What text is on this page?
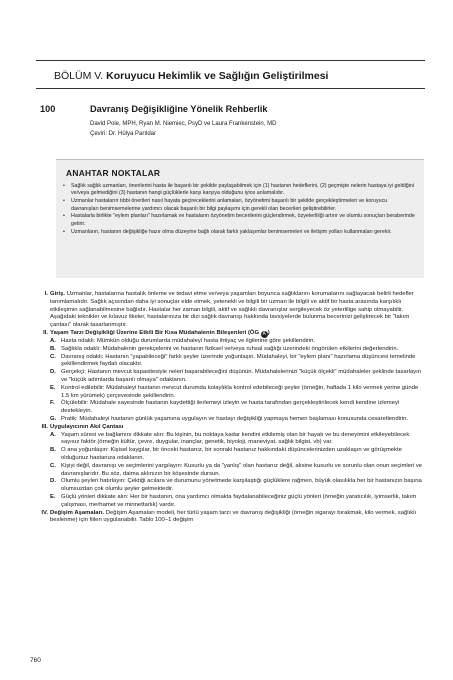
BÖLÜM V. Koruyucu Hekimlik ve Sağlığın Geliştirilmesi
100	Davranış Değişikliğine Yönelik Rehberlik
David Pole, MPH, Ryan M. Niemiec, PsyD ve Laura Frankenstein, MD
Çeviri: Dr. Hülya Parıldar
ANAHTAR NOKTALAR
• Sağlık sağlık uzmanları, önerilerini hasta ile başarılı bir şekilde paylaşabilmek için (1) hastanın hedeflerini, (2) geçmişte nelerin hastaya iyi geldiğini ve/veya gelmediğini (3) hastanın hangi güçlüklerle karşı karşıya olduğunu iyice anlamalıdır.
• Uzmanlar hastaların tıbbi önerileri nasıl hayata geçireceklerini anlamaları, özyönetimi başarılı bir şekilde gerçekleştirmeleri ve koruyucu davranışları benimsemelerine yardımcı olacak başarılı bir bilgi paylaşımı için gerekli olan becerileri geliştirebilirler.
• Hastalarla birlikte "eylem planları" hazırlamak ve hastaların özyönetim becerilerini güçlendirmek, özyeterliliği artırır ve olumlu sonuçları beraberinde getirir.
• Uzmanların, hastanın değişikliğe hazır olma düzeyine bağlı olarak farklı yaklaşımlar benimsemeleri ve iletişim yolları kullanmaları gerekir.
I. Giriş. Uzmanlar, hastalarına hastalık önleme ve tedavi etme ve/veya yaşamları boyunca sağlıklarını korumalarını sağlayacak belirli hedefler tanımlamalıdır. Sağlık açısından daha iyi sonuçlar elde etmek, yetenekli ve bilgili bir uzman ile bilgili ve aktif bir hasta arasında karşılıklı etkileşimin sağlanabilmesine bağlıdır. Hastalar her zaman bilgili, aktif ve sağlıklı davranışlar sergileyecek öz yeterlilige sahip olmayabilir. Aşağıdaki teknikler ve kılavuz ilkeler, hastalarınıza bir dizi sağlık davranışı hakkında tavsiyelerde bulunma becerinizi geliştirecek bir "takım çantası" olarak tasarlanmıştır.
II. Yaşam Tarzı Değişikliği Üzerine Etkili Bir Kısa Müdahalenin Bileşenleri (ÖG A )
A. Hasta odaklı: Mümkün olduğu durumlarda müdahaleyi hasta ihtiyaç ve ilgilerine göre şekillendirin.
B. Sağlıkla odaklı: Müdahalenin gerekçelerini ve hastanın fiziksel ve/veya ruhsal sağlığı üzerindeki öngörülen etkilerini değerlendirin.
C. Davranış odaklı: Hastanın "yapabileceği" farklı şeyler üzerinde yoğunlaşın. Müdahaleyi, bir "eylem planı" hazırlama düşüncesi temelinde şekillendirmek faydalı olacaktır.
D. Gerçekçi: Hastanın mevcut kapasitesiyle neleri başarabileceğini düşünün. Müdahalelerinizi "küçük ölçekli" müdahaleler şeklinde tasarlayın ve "küçük adımlarda başarılı olmaya" odaklanın.
E. Kontrol edilebilir: Müdahaleyi hastanın mevcut durumda kolaylıkla kontrol edebileceği şeyler (örneğin, haftada 1 kilo vermek yerine günde 1.5 km yürümek) çerçevesinde şekillendirin.
F. Ölçülebilir: Müdahale sayesinde hastanın kaydettiği ilerlemeyi izleyin ve hasta tarafından gerçekleştirilecek kendi kendine izlemeyi destekleyin.
G. Pratik: Müdahaleyi hastanın günlük yaşamına uygulayın ve hastayı değişikliği yapmaya hemen başlaması konusunda cesaretlendirin.
III. Uygulayıcının Akıl Çantası
A. Yaşam süresi ve bağlamını dikkate alın: Bu kişinin, bu noktaya kadar kendini etkilemiş olan bir hayatı ve bu deneyimini etkileyebilecek sayısız faktör (örneğin kültür, çevre, duygular, inançlar, genetik, biyoloji, maneviyat, sağlık bilgisi, vb) var.
B. O ana yoğunlaşın: Kişisel kaygılar, bir önceki hastanız, bir sonraki hastanız hakkındaki düşüncelerinizden uzaklaşın ve görüşmekte olduğunuz hastanıza odaklanın.
C. Kişiyi değil, davranışı ve seçimlerini yargılayın: Kusurlu ya da "yanlış" olan hastanız değil, aksine kusurlu ve sorunlu olan onun seçimleri ve davranışlarıdır. Bu söz, daima aklınızın bir köşesinde dursun.
D. Olumlu şeyleri hatırlayın: Çektiği acılara ve durumunu yönetmede karşılaştığı güçlüklere rağmen, büyük olasılıkla her bir hastanızın başına olumsuzdan çok olumlu şeyler gelmektedir.
E. Güçlü yönleri dikkate alın: Her bir hastanın, ona yardımcı olmakta faydalanabileceğiniz güçlü yönleri (örneğin yaratıcılık, iyimserlik, takım çalışması, merhamet ve minnettarlık) vardır.
IV. Değişim Aşamaları. Değişim Aşamaları modeli, her türlü yaşam tarzı ve davranış değişikliği (örneğin sigarayı bırakmak, kilo vermek, sağlıklı beslenme) için fiilen uygulanabilir. Tablo 100–1 değişim
760
